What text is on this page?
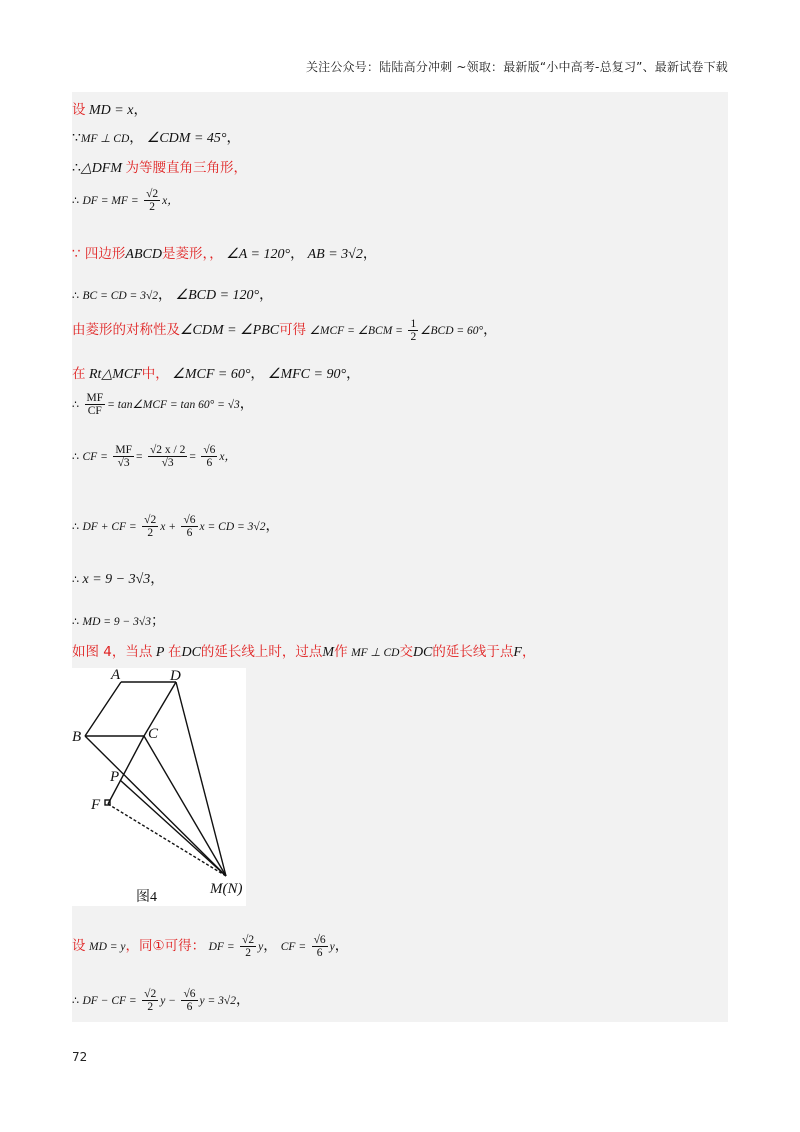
关注公众号：陆陆高分冲刺 ~领取：最新版“小中高考-总复习”、最新试卷下载
设 MD = x，
∵MF ⊥ CD， ∠CDM = 45°，
∴△DFM 为等腰直角三角形，
∴ DF = MF = $\frac{√2}{2}$ x，
∵ 四边形ABCD是菱形，， ∠A = 120°， AB = 3√2，
∴ BC = CD = 3√2， ∠BCD = 120°，
由菱形的对称性及∠CDM = ∠PBC可得 ∠MCF = ∠BCM = $\frac{1}{2}$ ∠BCD = 60°，
在 Rt△MCF中， ∠MCF = 60°， ∠MFC = 90°，
∴ $\frac{MF}{CF}$ = tan∠MCF = tan 60° = √3，
∴ CF = $\frac{MF}{√3} = \frac{√2 x / 2}{√3} = \frac{√6}{6}$ x，
∴ DF + CF = $\frac{√2}{2}$ $x + \frac{√6}{6}$ x = CD = 3√2，
∴ x = 9 − 3√3，
∴ MD = 9 − 3√3；
如图 4，当点 P 在DC的延长线上时，过点M作 MF ⊥ CD交DC的延长线于点F，
A	D
B	C
P
F
M(N)
图4
设 MD = y，同①可得： DF = $\frac{√2}{2}$ y， CF = $\frac{√6}{6}$ y，
∴ DF − CF = $\frac{√2}{2}$ $y - \frac{√6}{6}$ y = 3√2，
72
